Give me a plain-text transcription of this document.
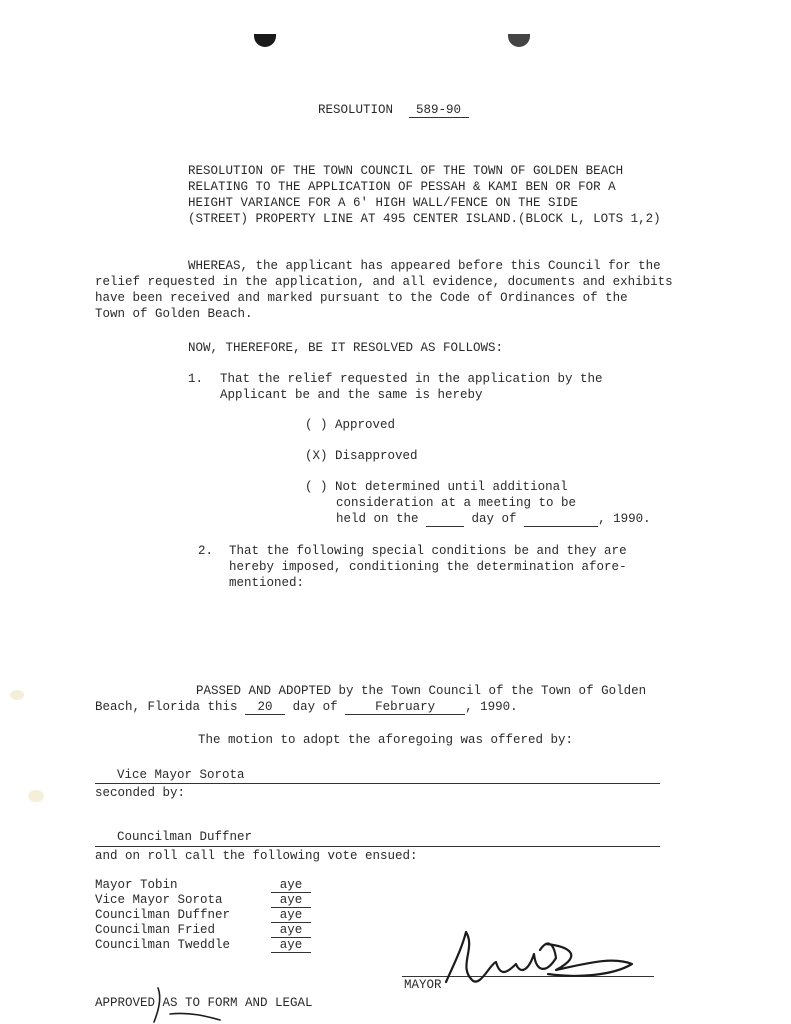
RESOLUTION 589-90
RESOLUTION OF THE TOWN COUNCIL OF THE TOWN OF GOLDEN BEACH
RELATING TO THE APPLICATION OF PESSAH & KAMI BEN OR FOR A
HEIGHT VARIANCE FOR A 6' HIGH WALL/FENCE ON THE SIDE
(STREET) PROPERTY LINE AT 495 CENTER ISLAND.(BLOCK L, LOTS 1,2)
WHEREAS, the applicant has appeared before this Council for the
relief requested in the application, and all evidence, documents and exhibits
have been received and marked pursuant to the Code of Ordinances of the
Town of Golden Beach.
NOW, THEREFORE, BE IT RESOLVED AS FOLLOWS:
1. That the relief requested in the application by the
Applicant be and the same is hereby
( ) Approved
(X) Disapproved
( ) Not determined until additional
consideration at a meeting to be
held on the	day of	, 1990.
2. That the following special conditions be and they are
hereby imposed, conditioning the determination afore-
mentioned:
PASSED AND ADOPTED by the Town Council of the Town of Golden
Beach, Florida this 20 day of	February , 1990.
The motion to adopt the aforegoing was offered by:
Vice Mayor Sorota
seconded by:
Councilman Duffner
and on roll call the following vote ensued:
Mayor Tobin	aye
Vice Mayor Sorota	aye
Councilman Duffner	aye
Councilman Fried	aye
Councilman Tweddle	aye
MAYOR
APPROVED AS TO FORM AND LEGAL
